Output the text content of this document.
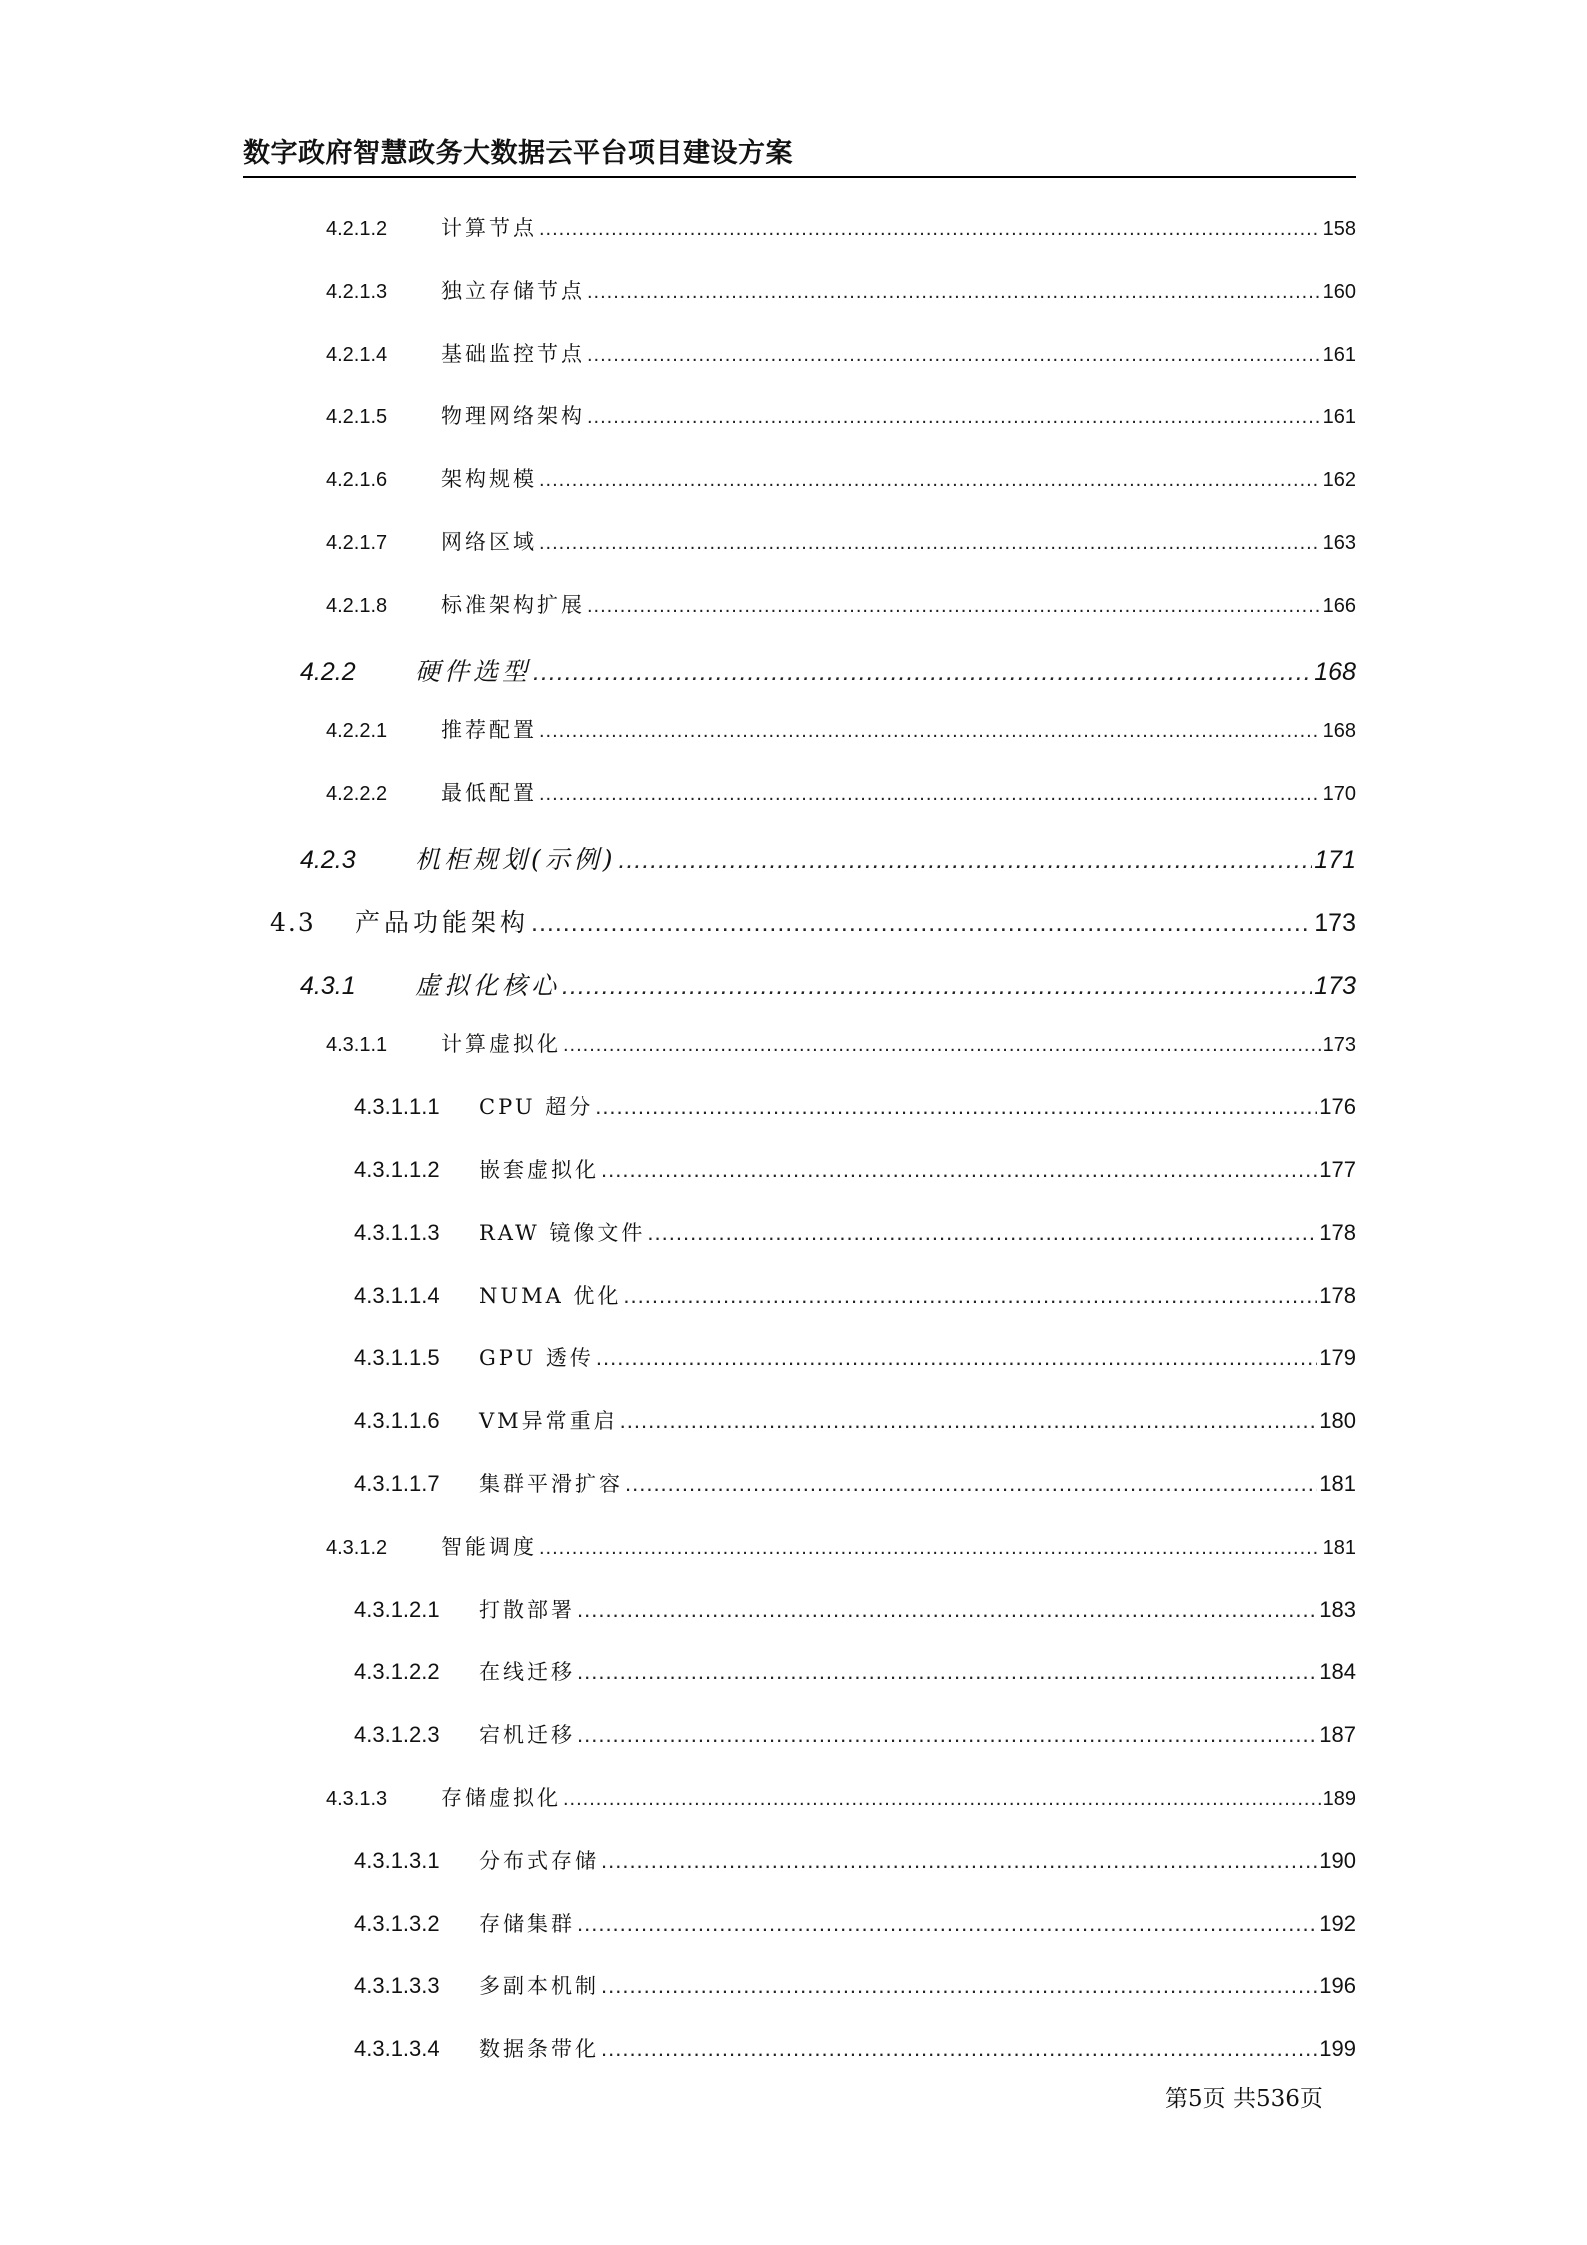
数字政府智慧政务大数据云平台项目建设方案
4.2.1.2	计算节点 .....	158
4.2.1.3	独立存储节点 .....	160
4.2.1.4	基础监控节点 .....	161
4.2.1.5	物理网络架构 .....	161
4.2.1.6	架构规模 .....	162
4.2.1.7	网络区域 .....	163
4.2.1.8	标准架构扩展 .....	166
4.2.2	硬件选型 .....	168
4.2.2.1	推荐配置 .....	168
4.2.2.2	最低配置 .....	170
4.2.3	机柜规划(示例) .....	171
4.3	产品功能架构 .....	173
4.3.1	虚拟化核心 .....	173
4.3.1.1	计算虚拟化 .....	173
4.3.1.1.1	CPU 超分 .....	176
4.3.1.1.2	嵌套虚拟化 .....	177
4.3.1.1.3	RAW 镜像文件 .....	178
4.3.1.1.4	NUMA 优化 .....	178
4.3.1.1.5	GPU 透传 .....	179
4.3.1.1.6	VM异常重启 .....	180
4.3.1.1.7	集群平滑扩容 .....	181
4.3.1.2	智能调度 .....	181
4.3.1.2.1	打散部署 .....	183
4.3.1.2.2	在线迁移 .....	184
4.3.1.2.3	宕机迁移 .....	187
4.3.1.3	存储虚拟化 .....	189
4.3.1.3.1	分布式存储 .....	190
4.3.1.3.2	存储集群 .....	192
4.3.1.3.3	多副本机制 .....	196
4.3.1.3.4	数据条带化 .....	199
第5页 共536页
